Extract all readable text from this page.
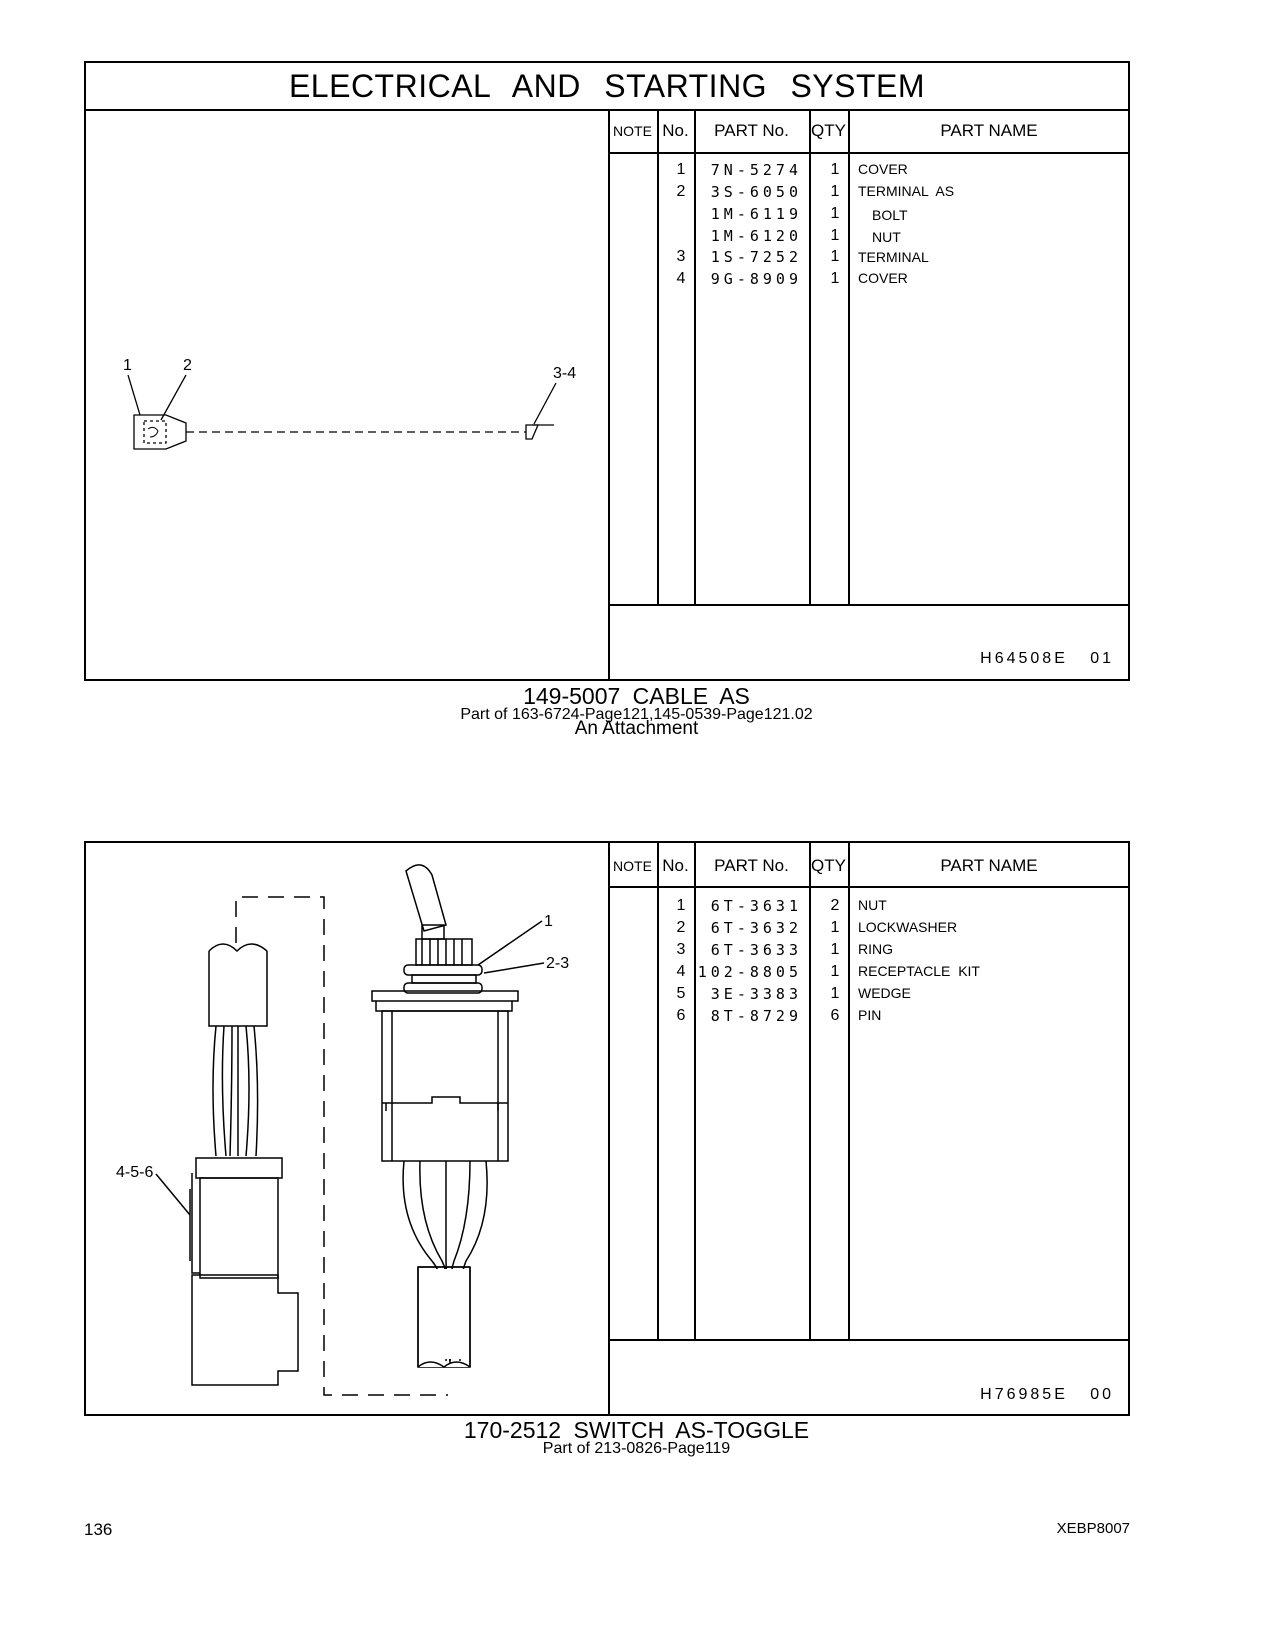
ELECTRICAL AND STARTING SYSTEM
NOTE No.	PART No.	QTY	PART NAME
1	7N-5274 1 COVER
2	3S-6050 1 TERMINAL AS
1M-6119 1 BOLT
1M-6120 1 NUT
3	1S-7252 1 TERMINAL
4	9G-8909 1 COVER
H64508E   01
1	2	3-4
149-5007 CABLE AS
Part of 163-6724-Page121,145-0539-Page121.02
An Attachment
NOTE No.	PART No.	QTY	PART NAME
1	6T-3631 2 NUT
2	6T-3632 1 LOCKWASHER
3	6T-3633 1 RING
4 102-8805 1 RECEPTACLE KIT
5	3E-3383 1 WEDGE
6	8T-8729 6 PIN
H76985E   00
1
2-3
4-5-6
170-2512 SWITCH AS-TOGGLE
Part of 213-0826-Page119
136	XEBP8007
